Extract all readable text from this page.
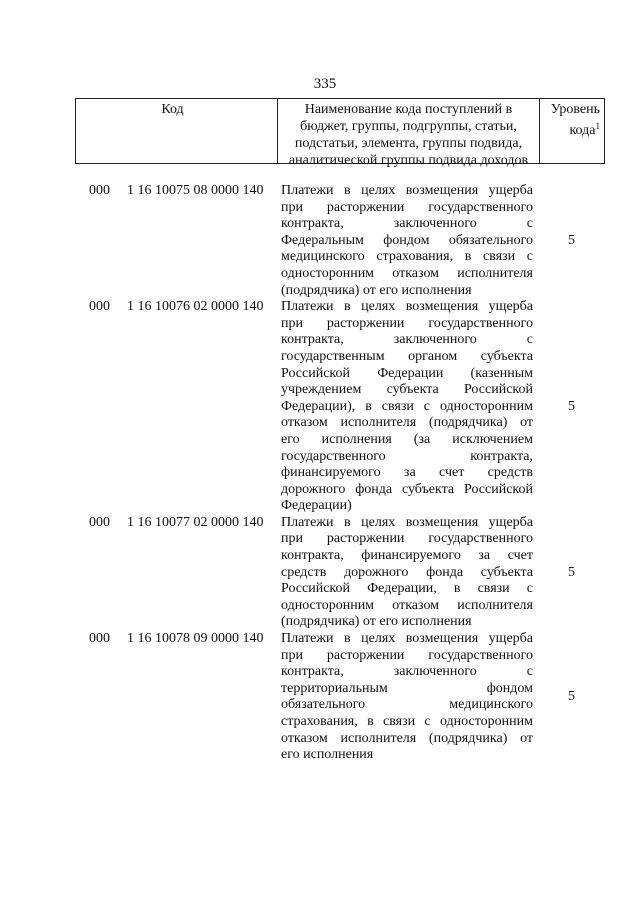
335
Код	Наименование кода поступлений в бюджет, группы, подгруппы, статьи, подстатьи, элемента, группы подвида, аналитической группы подвида доходов
Уровень кода$^1$
000	1 16 10075 08 0000 140	Платежи в целях возмещения ущерба
при расторжении государственного
контракта, заключенного с
Федеральным фондом обязательного
медицинского страхования, в связи с
односторонним отказом исполнителя
(подрядчика) от его исполнения
5
000	1 16 10076 02 0000 140	Платежи в целях возмещения ущерба
при расторжении государственного
контракта, заключенного с
государственным органом субъекта
Российской Федерации (казенным
учреждением субъекта Российской
Федерации), в связи с односторонним
отказом исполнителя (подрядчика) от
его исполнения (за исключением
государственного контракта,
финансируемого за счет средств
дорожного фонда субъекта Российской
Федерации)
5
000	1 16 10077 02 0000 140	Платежи в целях возмещения ущерба
при расторжении государственного
контракта, финансируемого за счет
средств дорожного фонда субъекта
Российской Федерации, в связи с
односторонним отказом исполнителя
(подрядчика) от его исполнения
5
000	1 16 10078 09 0000 140	Платежи в целях возмещения ущерба
при расторжении государственного
контракта, заключенного с
территориальным фондом
обязательного медицинского
страхования, в связи с односторонним
отказом исполнителя (подрядчика) от
его исполнения
5
